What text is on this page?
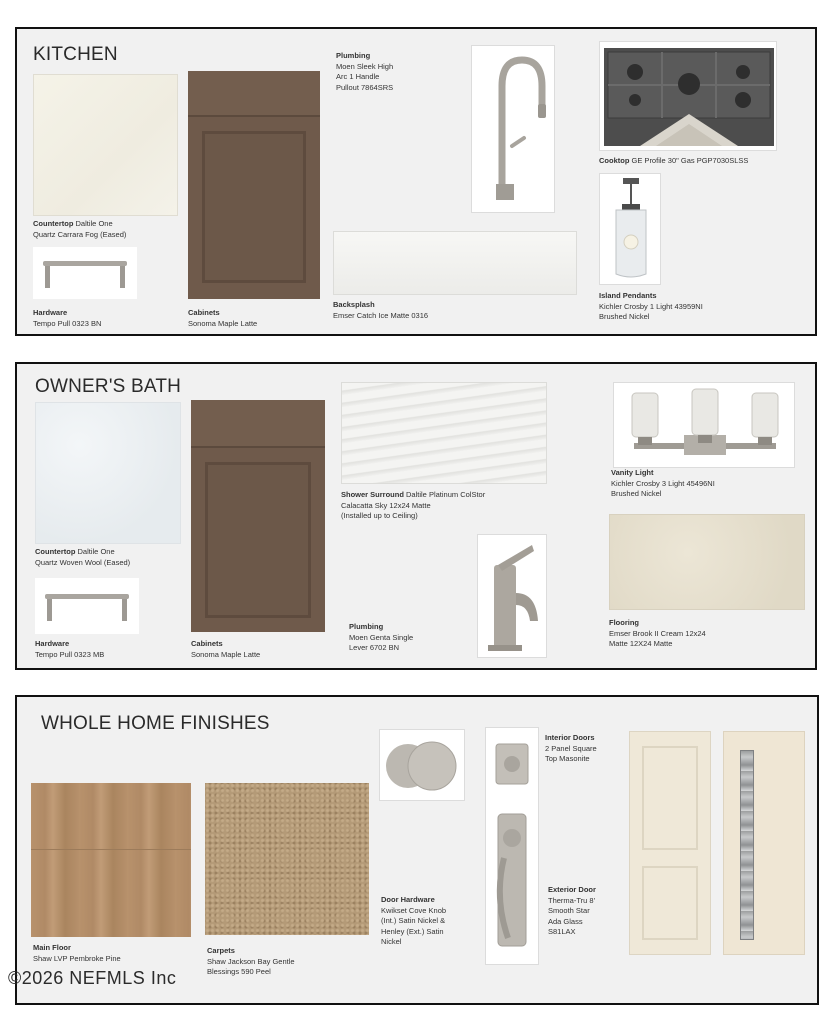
KITCHEN
Countertop Daltile One
Quartz Carrara Fog (Eased)
Hardware
Tempo Pull 0323 BN
Cabinets
Sonoma Maple Latte
Plumbing
Moen Sleek High
Arc 1 Handle
Pullout 7864SRS
Backsplash
Emser Catch Ice Matte 0316
Cooktop GE Profile 30" Gas PGP7030SLSS
Island Pendants
Kichler Crosby 1 Light 43959NI
Brushed Nickel
OWNER'S BATH
Countertop Daltile One
Quartz Woven Wool (Eased)
Hardware
Tempo Pull 0323 MB
Cabinets
Sonoma Maple Latte
Shower Surround Daltile Platinum ColStor
Calacatta Sky 12x24 Matte
(Installed up to Ceiling)
Plumbing
Moen Genta Single
Lever 6702 BN
Vanity Light
Kichler Crosby 3 Light 45496NI
Brushed Nickel
Flooring
Emser Brook II Cream 12x24
Matte 12X24 Matte
WHOLE HOME FINISHES
Main Floor
Shaw LVP Pembroke Pine
Carpets
Shaw Jackson Bay Gentle
Blessings 590 Peel
Door Hardware
Kwikset Cove Knob
(Int.) Satin Nickel &
Henley (Ext.) Satin
Nickel
Interior Doors
2 Panel Square
Top Masonite
Exterior Door
Therma-Tru 8'
Smooth Star
Ada Glass
S81LAX
©2026 NEFMLS Inc
